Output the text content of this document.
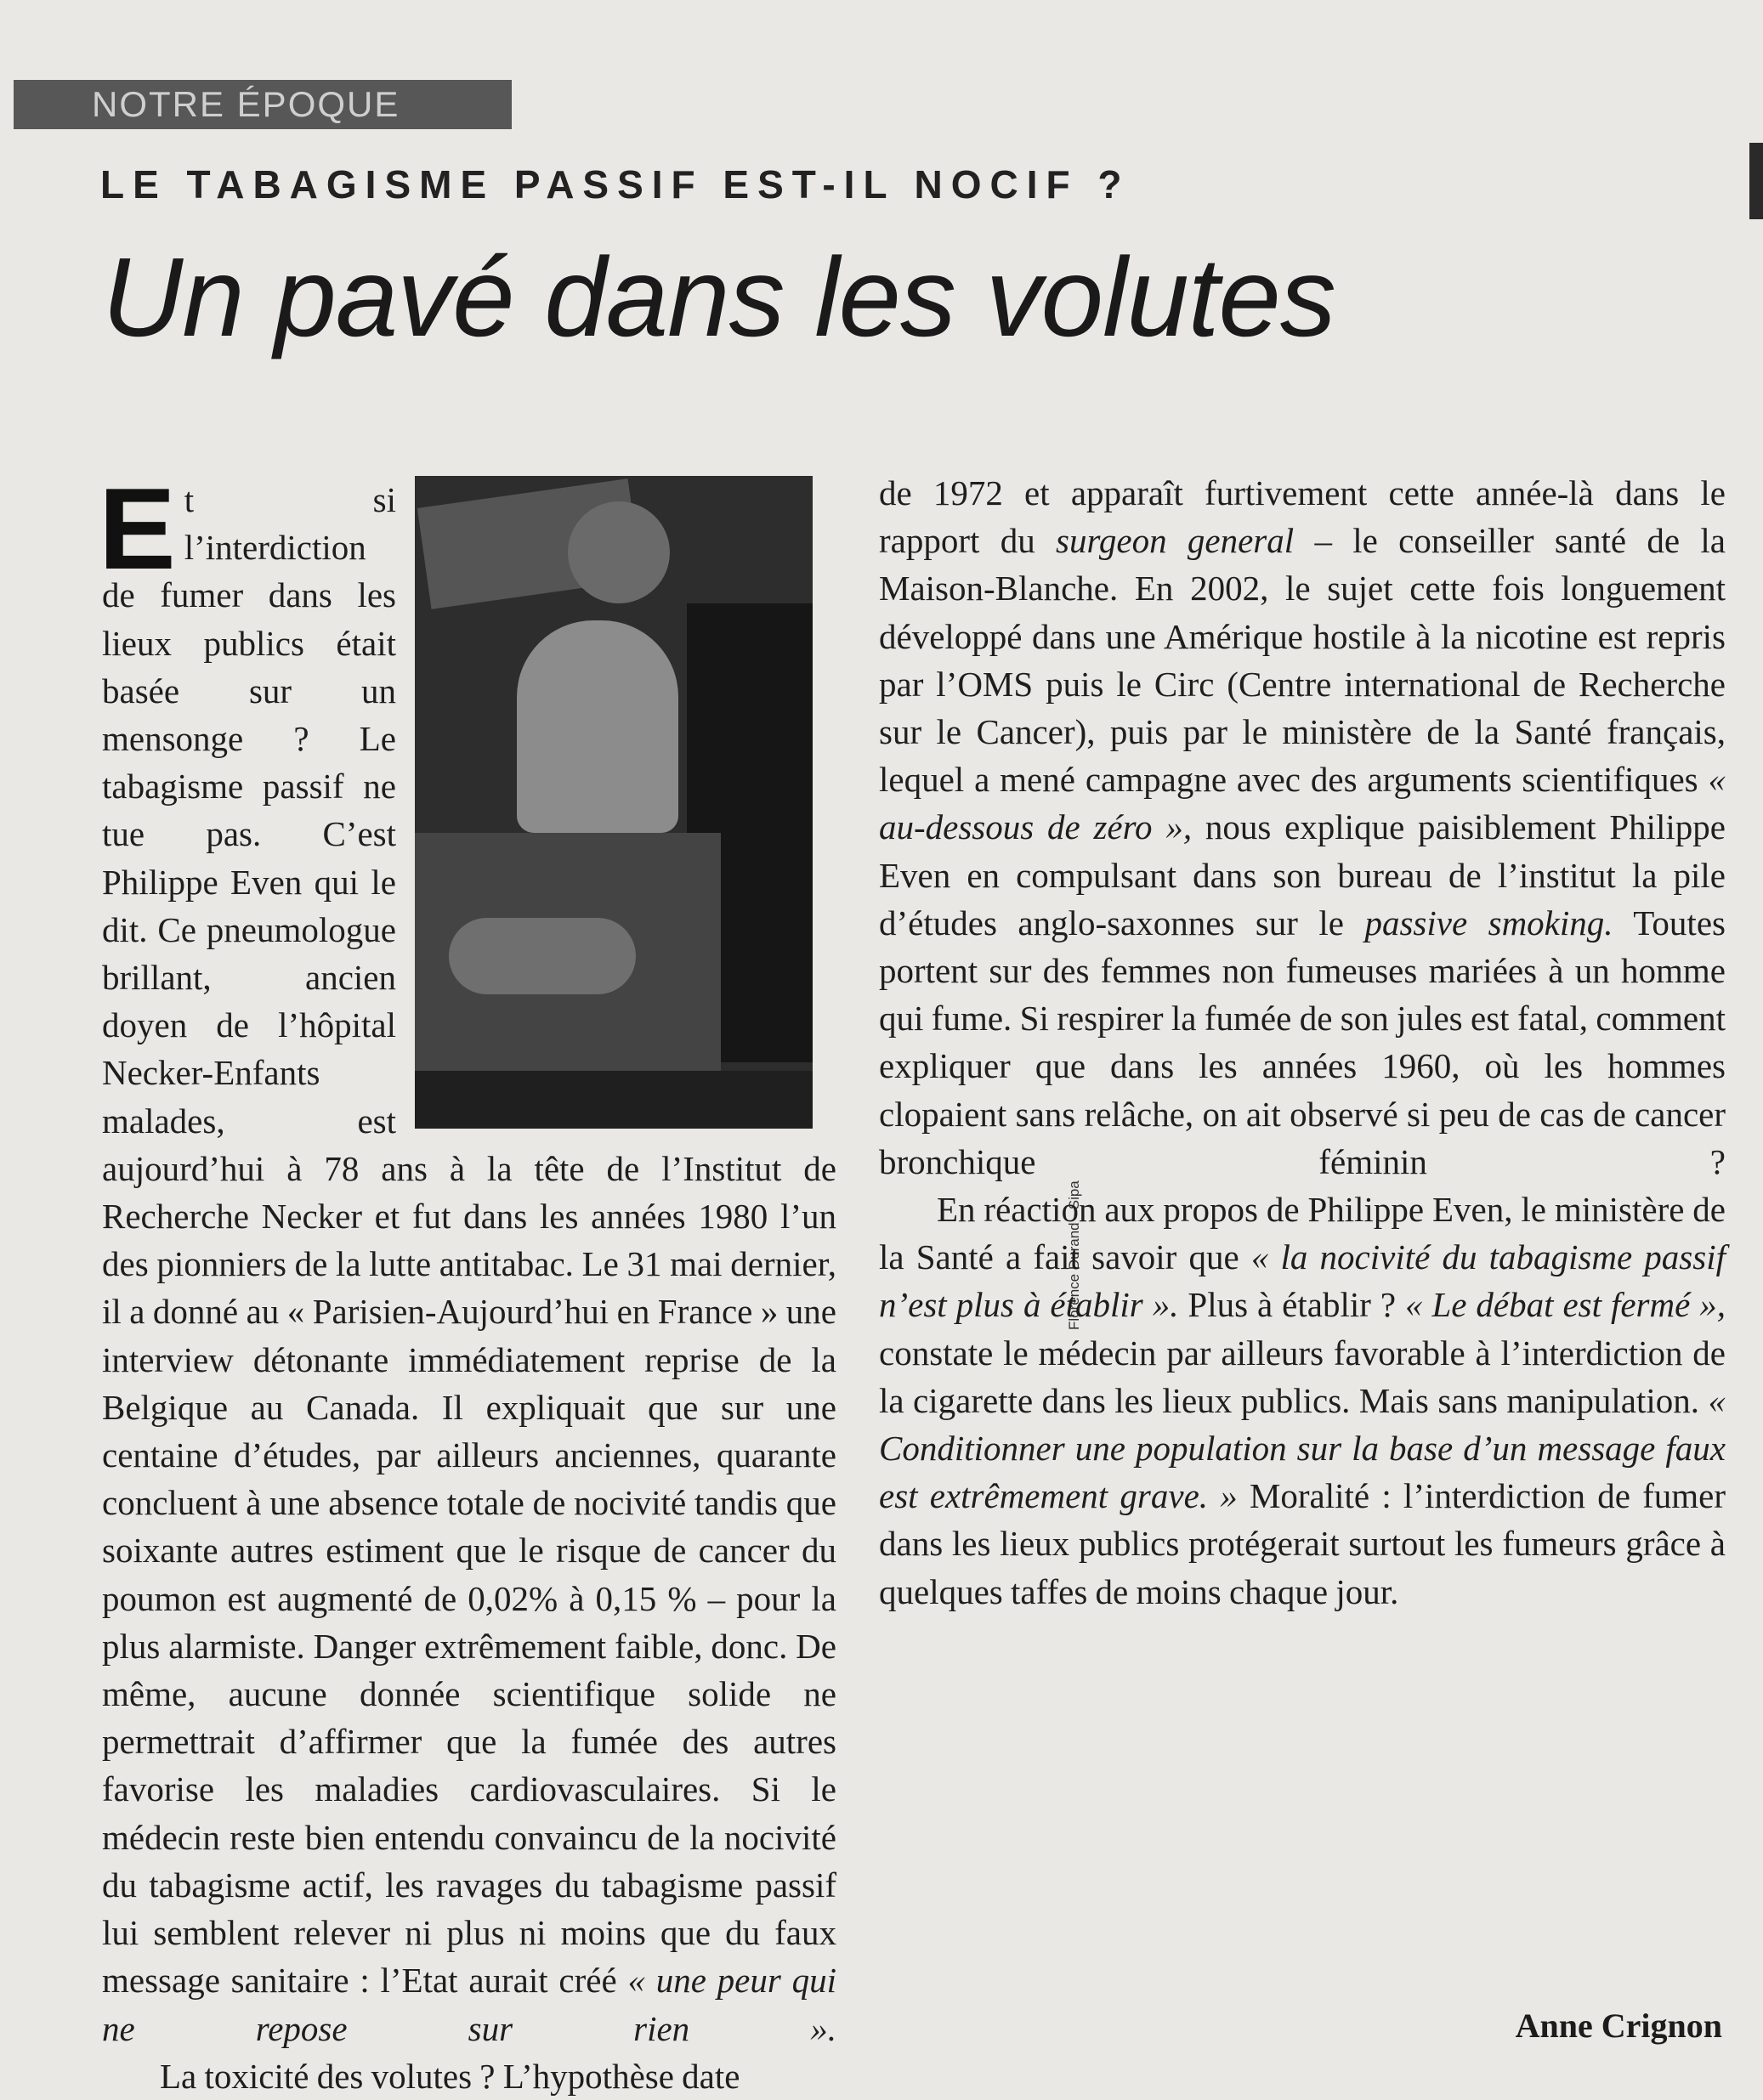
NOTRE ÉPOQUE
LE TABAGISME PASSIF EST-IL NOCIF ?
Un pavé dans les volutes

E t si l’interdiction de fumer dans les lieux publics était basée sur un mensonge ? Le tabagisme passif ne tue pas. C’est Philippe Even qui le dit. Ce pneumologue brillant, ancien doyen de l’hôpital Necker-Enfants malades, est aujourd’hui à 78 ans à la tête de l’Institut de Recherche Necker et fut dans les années 1980 l’un des pionniers de la lutte antitabac. Le 31 mai dernier, il a donné au « Parisien-Aujourd’hui en France » une interview détonante immédiatement reprise de la Belgique au Canada. Il expliquait que sur une centaine d’études, par ailleurs anciennes, quarante concluent à une absence totale de nocivité tandis que soixante autres estiment que le risque de cancer du poumon est augmenté de 0,02% à 0,15 % – pour la plus alarmiste. Danger extrêmement faible, donc. De même, aucune donnée scientifique solide ne permettrait d’affirmer que la fumée des autres favorise les maladies cardiovasculaires. Si le médecin reste bien entendu convaincu de la nocivité du tabagisme actif, les ravages du tabagisme passif lui semblent relever ni plus ni moins que du faux message sanitaire : l’Etat aurait créé « une peur qui ne repose sur rien ».

La toxicité des volutes ? L’hypothèse date

Florence Durand - Sipa

de 1972 et apparaît furtivement cette année-là dans le rapport du surgeon general – le conseiller santé de la Maison-Blanche. En 2002, le sujet cette fois longuement développé dans une Amérique hostile à la nicotine est repris par l’OMS puis le Circ (Centre international de Recherche sur le Cancer), puis par le ministère de la Santé français, lequel a mené campagne avec des arguments scientifiques « au-dessous de zéro », nous explique paisiblement Philippe Even en compulsant dans son bureau de l’institut la pile d’études anglo-saxonnes sur le passive smoking. Toutes portent sur des femmes non fumeuses mariées à un homme qui fume. Si respirer la fumée de son jules est fatal, comment expliquer que dans les années 1960, où les hommes clopaient sans relâche, on ait observé si peu de cas de cancer bronchique féminin ?

En réaction aux propos de Philippe Even, le ministère de la Santé a fait savoir que « la nocivité du tabagisme passif n’est plus à établir ». Plus à établir ? « Le débat est fermé », constate le médecin par ailleurs favorable à l’interdiction de la cigarette dans les lieux publics. Mais sans manipulation. « Conditionner une population sur la base d’un message faux est extrêmement grave. » Moralité : l’interdiction de fumer dans les lieux publics protégerait surtout les fumeurs grâce à quelques taffes de moins chaque jour.

Anne Crignon
